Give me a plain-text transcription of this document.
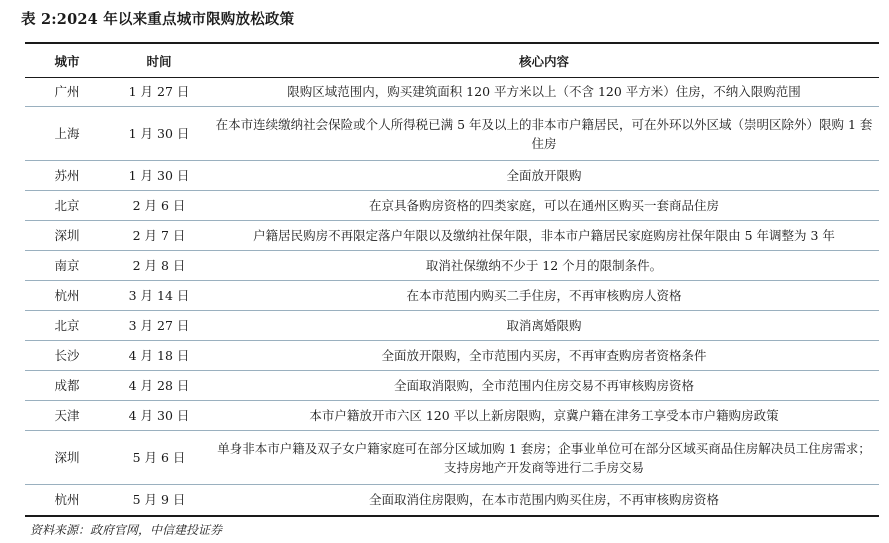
表 2:2024 年以来重点城市限购放松政策
城市	时间	核心内容
广州	1 月 27 日	限购区域范围内，购买建筑面积 120 平方米以上（不含 120 平方米）住房，不纳入限购范围
上海	1 月 30 日	在本市连续缴纳社会保险或个人所得税已满 5 年及以上的非本市户籍居民，可在外环以外区域（崇明区除外）限购 1 套住房
苏州	1 月 30 日	全面放开限购
北京	2 月 6 日	在京具备购房资格的四类家庭，可以在通州区购买一套商品住房
深圳	2 月 7 日	户籍居民购房不再限定落户年限以及缴纳社保年限，非本市户籍居民家庭购房社保年限由 5 年调整为 3 年
南京	2 月 8 日	取消社保缴纳不少于 12 个月的限制条件。
杭州	3 月 14 日	在本市范围内购买二手住房，不再审核购房人资格
北京	3 月 27 日	取消离婚限购
长沙	4 月 18 日	全面放开限购，全市范围内买房，不再审查购房者资格条件
成都	4 月 28 日	全面取消限购，全市范围内住房交易不再审核购房资格
天津	4 月 30 日	本市户籍放开市六区 120 平以上新房限购，京冀户籍在津务工享受本市户籍购房政策
深圳	5 月 6 日	单身非本市户籍及双子女户籍家庭可在部分区域加购 1 套房；企事业单位可在部分区域买商品住房解决员工住房需求；支持房地产开发商等进行二手房交易
杭州	5 月 9 日	全面取消住房限购，在本市范围内购买住房，不再审核购房资格
资料来源：政府官网，中信建投证券
